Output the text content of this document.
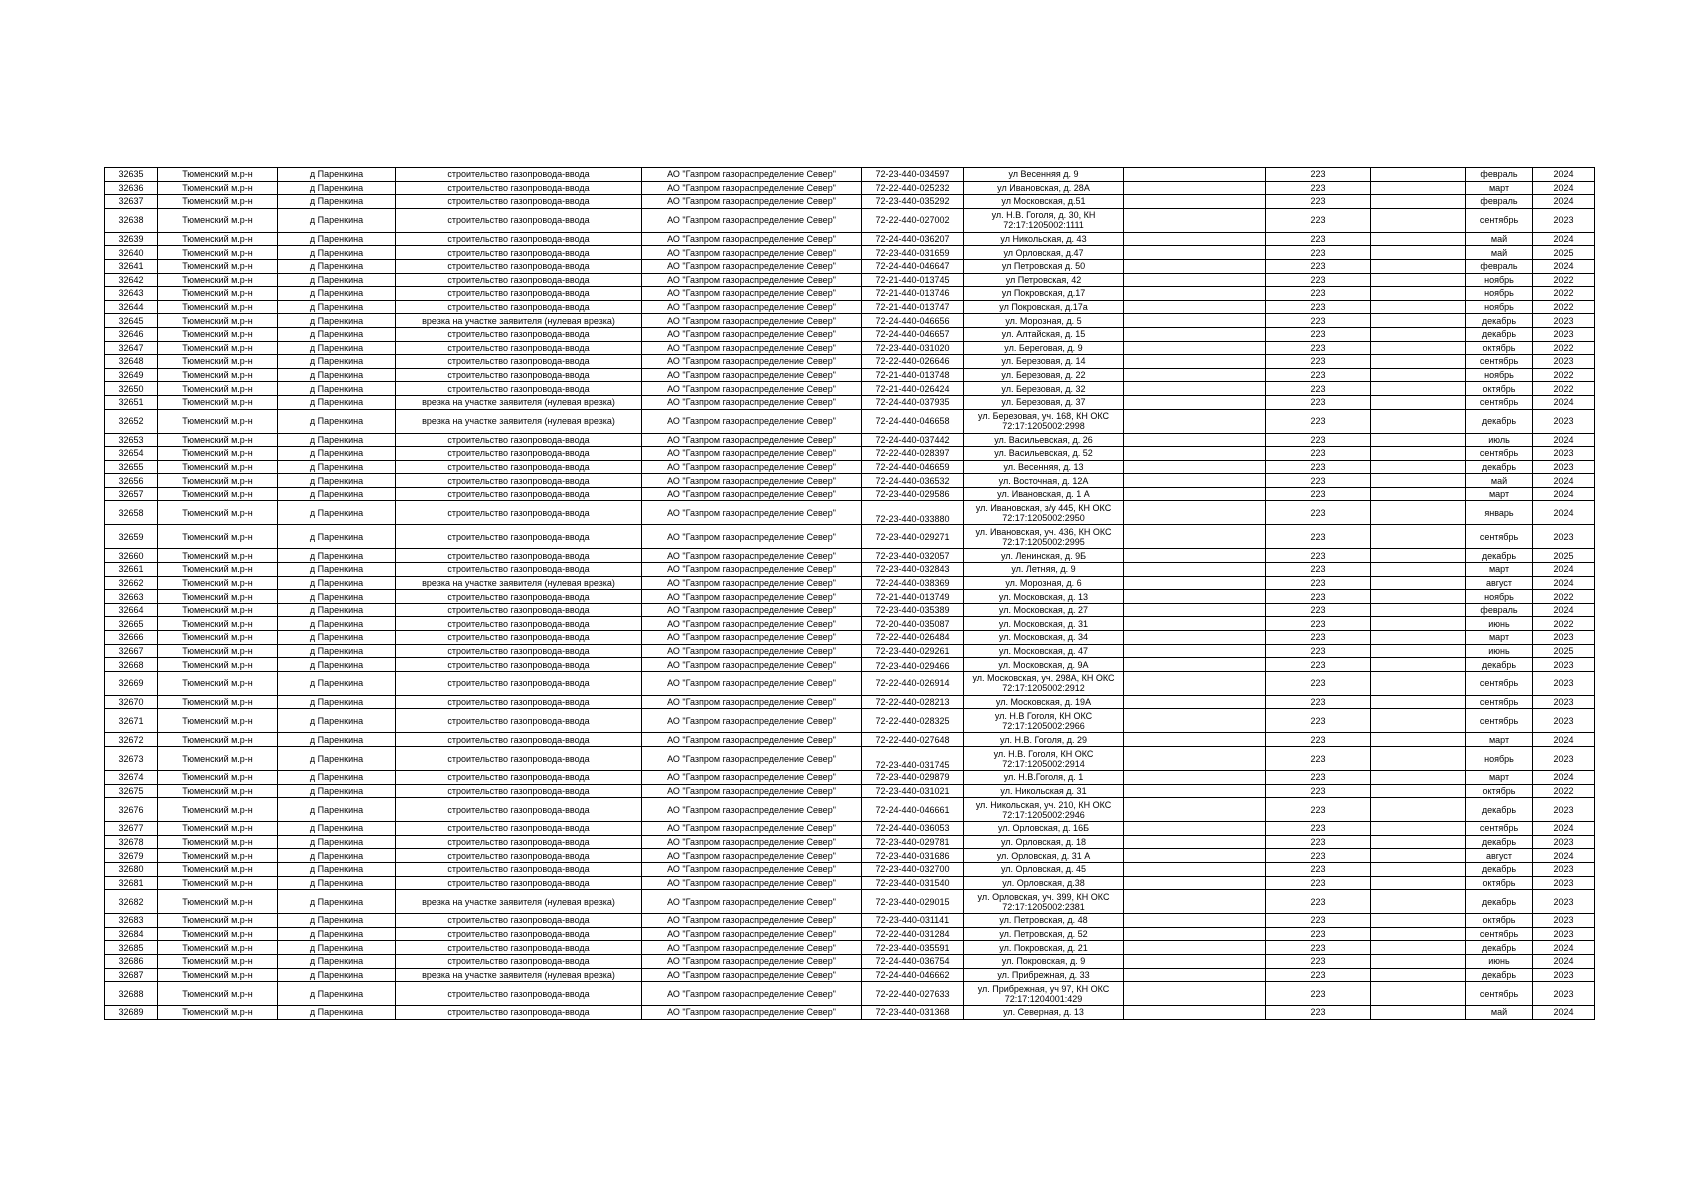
32635	Тюменский м.р-н	д Паренкина	строительство газопровода-ввода	АО "Газпром газораспределение Север"	72-23-440-034597	ул Весенняя д. 9		223		февраль	2024
32636	Тюменский м.р-н	д Паренкина	строительство газопровода-ввода	АО "Газпром газораспределение Север"	72-22-440-025232	ул Ивановская, д. 28А		223		март	2024
32637	Тюменский м.р-н	д Паренкина	строительство газопровода-ввода	АО "Газпром газораспределение Север"	72-23-440-035292	ул Московская, д.51		223		февраль	2024
32638	Тюменский м.р-н	д Паренкина	строительство газопровода-ввода	АО "Газпром газораспределение Север"	72-22-440-027002	ул. Н.В. Гоголя, д. 30, КН 72:17:1205002:1111		223		сентябрь	2023
32639	Тюменский м.р-н	д Паренкина	строительство газопровода-ввода	АО "Газпром газораспределение Север"	72-24-440-036207	ул Никольская, д. 43		223		май	2024
32640	Тюменский м.р-н	д Паренкина	строительство газопровода-ввода	АО "Газпром газораспределение Север"	72-23-440-031659	ул Орловская, д.47		223		май	2025
32641	Тюменский м.р-н	д Паренкина	строительство газопровода-ввода	АО "Газпром газораспределение Север"	72-24-440-046647	ул Петровская д. 50		223		февраль	2024
32642	Тюменский м.р-н	д Паренкина	строительство газопровода-ввода	АО "Газпром газораспределение Север"	72-21-440-013745	ул Петровская, 42		223		ноябрь	2022
32643	Тюменский м.р-н	д Паренкина	строительство газопровода-ввода	АО "Газпром газораспределение Север"	72-21-440-013746	ул Покровская, д.17		223		ноябрь	2022
32644	Тюменский м.р-н	д Паренкина	строительство газопровода-ввода	АО "Газпром газораспределение Север"	72-21-440-013747	ул Покровская, д.17а		223		ноябрь	2022
32645	Тюменский м.р-н	д Паренкина	врезка на участке заявителя (нулевая врезка)	АО "Газпром газораспределение Север"	72-24-440-046656	ул. Морозная, д. 5		223		декабрь	2023
32646	Тюменский м.р-н	д Паренкина	строительство газопровода-ввода	АО "Газпром газораспределение Север"	72-24-440-046657	ул. Алтайская, д. 15		223		декабрь	2023
32647	Тюменский м.р-н	д Паренкина	строительство газопровода-ввода	АО "Газпром газораспределение Север"	72-23-440-031020	ул. Береговая, д. 9		223		октябрь	2022
32648	Тюменский м.р-н	д Паренкина	строительство газопровода-ввода	АО "Газпром газораспределение Север"	72-22-440-026646	ул. Березовая, д. 14		223		сентябрь	2023
32649	Тюменский м.р-н	д Паренкина	строительство газопровода-ввода	АО "Газпром газораспределение Север"	72-21-440-013748	ул. Березовая, д. 22		223		ноябрь	2022
32650	Тюменский м.р-н	д Паренкина	строительство газопровода-ввода	АО "Газпром газораспределение Север"	72-21-440-026424	ул. Березовая, д. 32		223		октябрь	2022
32651	Тюменский м.р-н	д Паренкина	врезка на участке заявителя (нулевая врезка)	АО "Газпром газораспределение Север"	72-24-440-037935	ул. Березовая, д. 37		223		сентябрь	2024
32652	Тюменский м.р-н	д Паренкина	врезка на участке заявителя (нулевая врезка)	АО "Газпром газораспределение Север"	72-24-440-046658	ул. Березовая, уч. 168, КН ОКС 72:17:1205002:2998		223		декабрь	2023
32653	Тюменский м.р-н	д Паренкина	строительство газопровода-ввода	АО "Газпром газораспределение Север"	72-24-440-037442	ул. Васильевская, д. 26		223		июль	2024
32654	Тюменский м.р-н	д Паренкина	строительство газопровода-ввода	АО "Газпром газораспределение Север"	72-22-440-028397	ул. Васильевская, д. 52		223		сентябрь	2023
32655	Тюменский м.р-н	д Паренкина	строительство газопровода-ввода	АО "Газпром газораспределение Север"	72-24-440-046659	ул. Весенняя, д. 13		223		декабрь	2023
32656	Тюменский м.р-н	д Паренкина	строительство газопровода-ввода	АО "Газпром газораспределение Север"	72-24-440-036532	ул. Восточная, д. 12А		223		май	2024
32657	Тюменский м.р-н	д Паренкина	строительство газопровода-ввода	АО "Газпром газораспределение Север"	72-23-440-029586	ул. Ивановская, д. 1 А		223		март	2024
32658	Тюменский м.р-н	д Паренкина	строительство газопровода-ввода	АО "Газпром газораспределение Север"	72-23-440-033880	ул. Ивановская, з/у 445, КН ОКС 72:17:1205002:2950		223		январь	2024
32659	Тюменский м.р-н	д Паренкина	строительство газопровода-ввода	АО "Газпром газораспределение Север"	72-23-440-029271	ул. Ивановская, уч. 436, КН ОКС 72:17:1205002:2995		223		сентябрь	2023
32660	Тюменский м.р-н	д Паренкина	строительство газопровода-ввода	АО "Газпром газораспределение Север"	72-23-440-032057	ул. Ленинская, д. 9Б		223		декабрь	2025
32661	Тюменский м.р-н	д Паренкина	строительство газопровода-ввода	АО "Газпром газораспределение Север"	72-23-440-032843	ул. Летняя, д. 9		223		март	2024
32662	Тюменский м.р-н	д Паренкина	врезка на участке заявителя (нулевая врезка)	АО "Газпром газораспределение Север"	72-24-440-038369	ул. Морозная, д. 6		223		август	2024
32663	Тюменский м.р-н	д Паренкина	строительство газопровода-ввода	АО "Газпром газораспределение Север"	72-21-440-013749	ул. Московская, д. 13		223		ноябрь	2022
32664	Тюменский м.р-н	д Паренкина	строительство газопровода-ввода	АО "Газпром газораспределение Север"	72-23-440-035389	ул. Московская, д. 27		223		февраль	2024
32665	Тюменский м.р-н	д Паренкина	строительство газопровода-ввода	АО "Газпром газораспределение Север"	72-20-440-035087	ул. Московская, д. 31		223		июнь	2022
32666	Тюменский м.р-н	д Паренкина	строительство газопровода-ввода	АО "Газпром газораспределение Север"	72-22-440-026484	ул. Московская, д. 34		223		март	2023
32667	Тюменский м.р-н	д Паренкина	строительство газопровода-ввода	АО "Газпром газораспределение Север"	72-23-440-029261	ул. Московская, д. 47		223		июнь	2025
32668	Тюменский м.р-н	д Паренкина	строительство газопровода-ввода	АО "Газпром газораспределение Север"	72-23-440-029466	ул. Московская, д. 9А		223		декабрь	2023
32669	Тюменский м.р-н	д Паренкина	строительство газопровода-ввода	АО "Газпром газораспределение Север"	72-22-440-026914	ул. Московская, уч. 298А, КН ОКС 72:17:1205002:2912		223		сентябрь	2023
32670	Тюменский м.р-н	д Паренкина	строительство газопровода-ввода	АО "Газпром газораспределение Север"	72-22-440-028213	ул. Московская, д. 19А		223		сентябрь	2023
32671	Тюменский м.р-н	д Паренкина	строительство газопровода-ввода	АО "Газпром газораспределение Север"	72-22-440-028325	ул. Н.В Гоголя, КН ОКС 72:17:1205002:2966		223		сентябрь	2023
32672	Тюменский м.р-н	д Паренкина	строительство газопровода-ввода	АО "Газпром газораспределение Север"	72-22-440-027648	ул. Н.В. Гоголя, д. 29		223		март	2024
32673	Тюменский м.р-н	д Паренкина	строительство газопровода-ввода	АО "Газпром газораспределение Север"	72-23-440-031745	ул. Н.В. Гоголя, КН ОКС 72:17:1205002:2914		223		ноябрь	2023
32674	Тюменский м.р-н	д Паренкина	строительство газопровода-ввода	АО "Газпром газораспределение Север"	72-23-440-029879	ул. Н.В.Гоголя, д. 1		223		март	2024
32675	Тюменский м.р-н	д Паренкина	строительство газопровода-ввода	АО "Газпром газораспределение Север"	72-23-440-031021	ул. Никольская д. 31		223		октябрь	2022
32676	Тюменский м.р-н	д Паренкина	строительство газопровода-ввода	АО "Газпром газораспределение Север"	72-24-440-046661	ул. Никольская, уч. 210, КН ОКС 72:17:1205002:2946		223		декабрь	2023
32677	Тюменский м.р-н	д Паренкина	строительство газопровода-ввода	АО "Газпром газораспределение Север"	72-24-440-036053	ул. Орловская, д. 16Б		223		сентябрь	2024
32678	Тюменский м.р-н	д Паренкина	строительство газопровода-ввода	АО "Газпром газораспределение Север"	72-23-440-029781	ул. Орловская, д. 18		223		декабрь	2023
32679	Тюменский м.р-н	д Паренкина	строительство газопровода-ввода	АО "Газпром газораспределение Север"	72-23-440-031686	ул. Орловская, д. 31 А		223		август	2024
32680	Тюменский м.р-н	д Паренкина	строительство газопровода-ввода	АО "Газпром газораспределение Север"	72-23-440-032700	ул. Орловская, д. 45		223		декабрь	2023
32681	Тюменский м.р-н	д Паренкина	строительство газопровода-ввода	АО "Газпром газораспределение Север"	72-23-440-031540	ул. Орловская, д.38		223		октябрь	2023
32682	Тюменский м.р-н	д Паренкина	врезка на участке заявителя (нулевая врезка)	АО "Газпром газораспределение Север"	72-23-440-029015	ул. Орловская, уч. 399, КН ОКС 72:17:1205002:2381		223		декабрь	2023
32683	Тюменский м.р-н	д Паренкина	строительство газопровода-ввода	АО "Газпром газораспределение Север"	72-23-440-031141	ул. Петровская, д. 48		223		октябрь	2023
32684	Тюменский м.р-н	д Паренкина	строительство газопровода-ввода	АО "Газпром газораспределение Север"	72-22-440-031284	ул. Петровская, д. 52		223		сентябрь	2023
32685	Тюменский м.р-н	д Паренкина	строительство газопровода-ввода	АО "Газпром газораспределение Север"	72-23-440-035591	ул. Покровская, д. 21		223		декабрь	2024
32686	Тюменский м.р-н	д Паренкина	строительство газопровода-ввода	АО "Газпром газораспределение Север"	72-24-440-036754	ул. Покровская, д. 9		223		июнь	2024
32687	Тюменский м.р-н	д Паренкина	врезка на участке заявителя (нулевая врезка)	АО "Газпром газораспределение Север"	72-24-440-046662	ул. Прибрежная, д. 33		223		декабрь	2023
32688	Тюменский м.р-н	д Паренкина	строительство газопровода-ввода	АО "Газпром газораспределение Север"	72-22-440-027633	ул. Прибрежная, уч 97, КН ОКС 72:17:1204001:429		223		сентябрь	2023
32689	Тюменский м.р-н	д Паренкина	строительство газопровода-ввода	АО "Газпром газораспределение Север"	72-23-440-031368	ул. Северная, д. 13		223		май	2024
